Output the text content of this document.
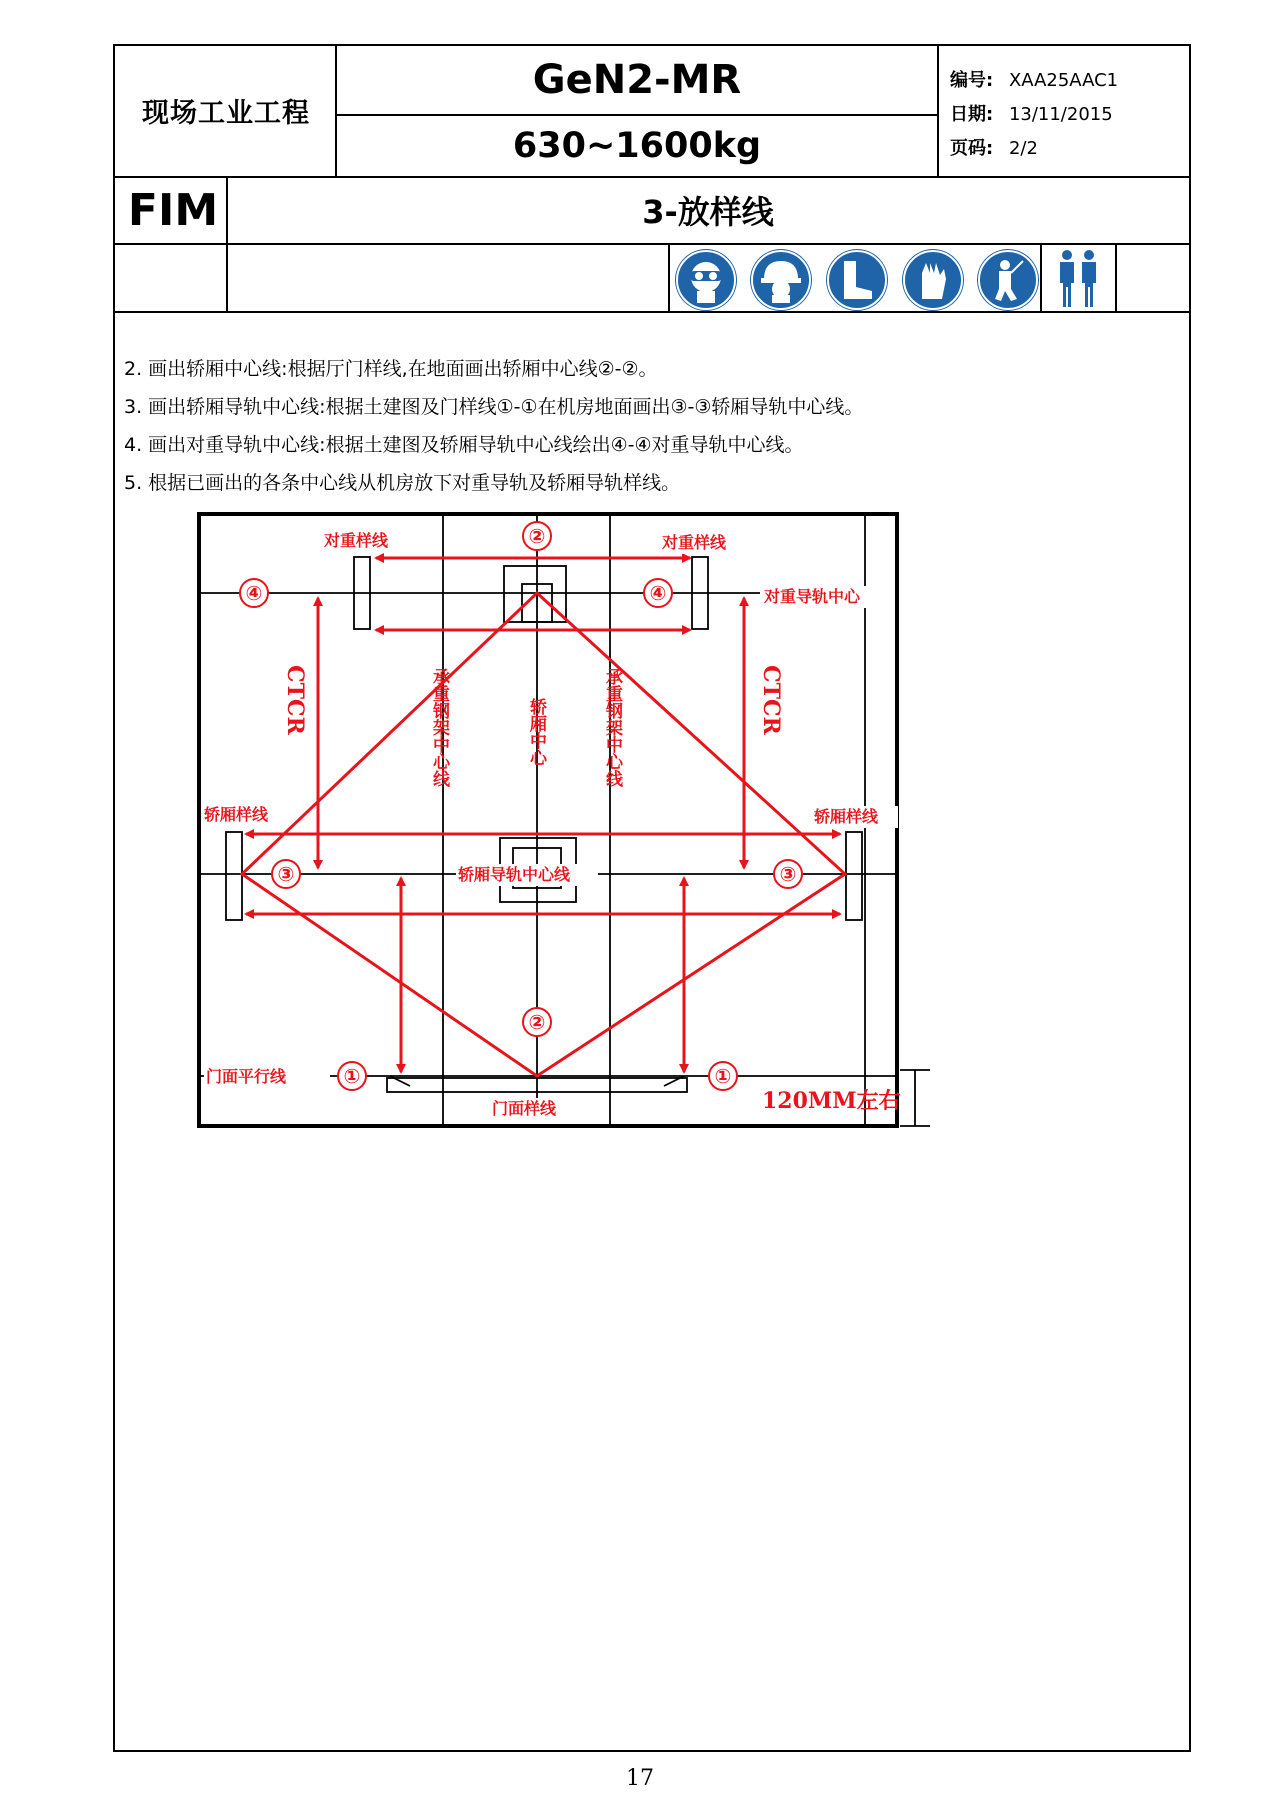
现场工业工程
GeN2-MR
630~1600kg
编号: XAA25AAC1
日期: 13/11/2015
页码: 2/2
FIM	3-放样线
2. 画出轿厢中心线:根据厅门样线,在地面画出轿厢中心线②-②。
3. 画出轿厢导轨中心线:根据土建图及门样线①-①在机房地面画出③-③轿厢导轨中心线。
4. 画出对重导轨中心线:根据土建图及轿厢导轨中心线绘出④-④对重导轨中心线。
5. 根据已画出的各条中心线从机房放下对重导轨及轿厢导轨样线。
②
④	④
③	③
②
①	①
对重样线	对重样线
对重导轨中心
轿厢样线	轿厢样线
轿厢导轨中心线
门面平行线
门面样线	120MM左右
CTCR	CTCR
承重钢架中心线	轿厢中心	承重钢架中心线
17
